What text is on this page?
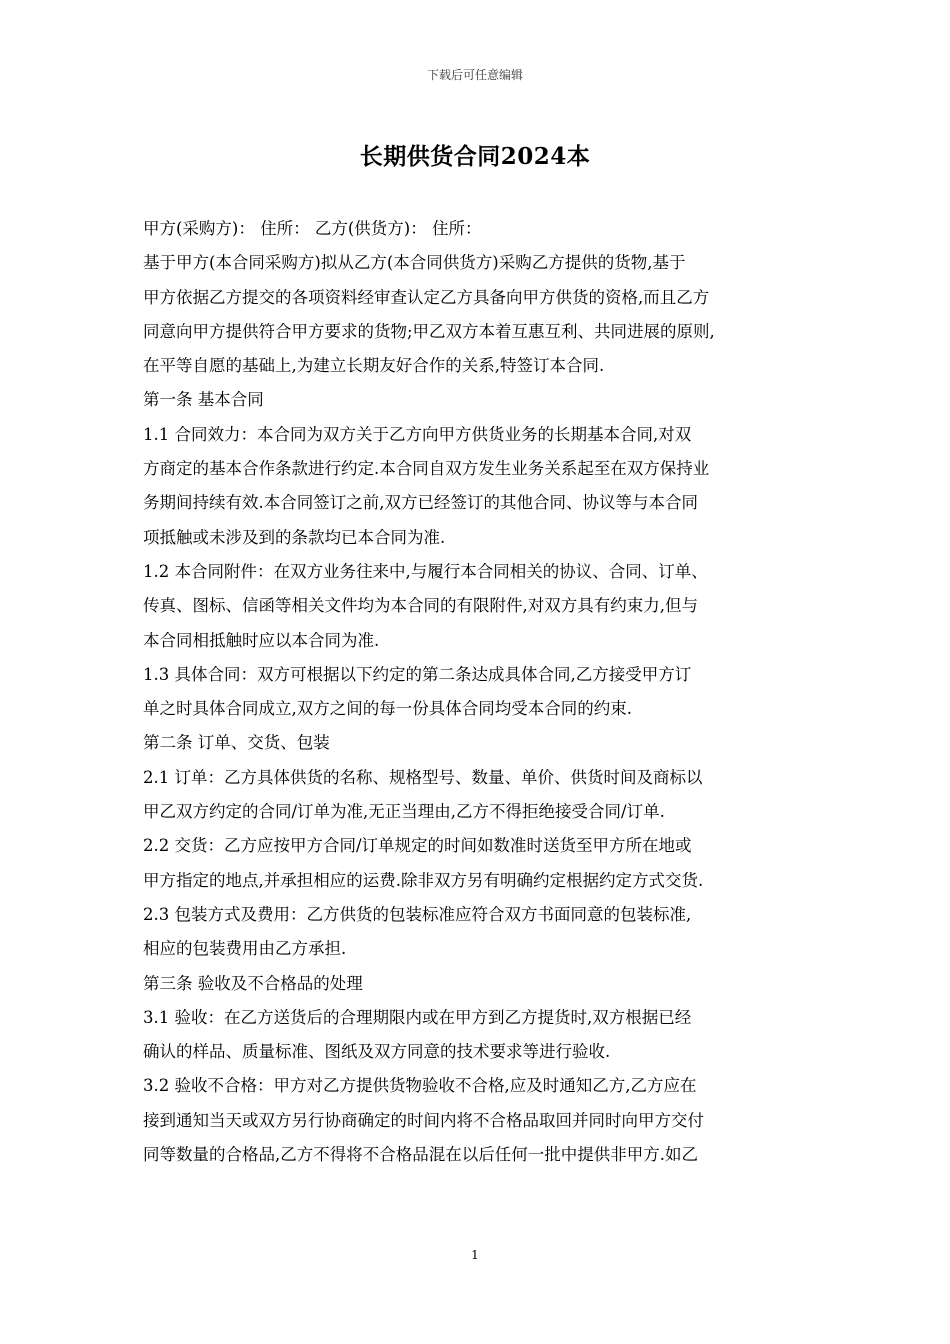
下载后可任意编辑
长期供货合同2024本
甲方(采购方)： 住所： 乙方(供货方)： 住所：
基于甲方(本合同采购方)拟从乙方(本合同供货方)采购乙方提供的货物,基于
甲方依据乙方提交的各项资料经审查认定乙方具备向甲方供货的资格,而且乙方
同意向甲方提供符合甲方要求的货物;甲乙双方本着互惠互利、共同进展的原则,
在平等自愿的基础上,为建立长期友好合作的关系,特签订本合同.
第一条 基本合同
1.1 合同效力：本合同为双方关于乙方向甲方供货业务的长期基本合同,对双
方商定的基本合作条款进行约定.本合同自双方发生业务关系起至在双方保持业
务期间持续有效.本合同签订之前,双方已经签订的其他合同、协议等与本合同
项抵触或未涉及到的条款均已本合同为准.
1.2 本合同附件：在双方业务往来中,与履行本合同相关的协议、合同、订单、
传真、图标、信函等相关文件均为本合同的有限附件,对双方具有约束力,但与
本合同相抵触时应以本合同为准.
1.3 具体合同：双方可根据以下约定的第二条达成具体合同,乙方接受甲方订
单之时具体合同成立,双方之间的每一份具体合同均受本合同的约束.
第二条 订单、交货、包装
2.1 订单：乙方具体供货的名称、规格型号、数量、单价、供货时间及商标以
甲乙双方约定的合同/订单为准,无正当理由,乙方不得拒绝接受合同/订单.
2.2 交货：乙方应按甲方合同/订单规定的时间如数准时送货至甲方所在地或
甲方指定的地点,并承担相应的运费.除非双方另有明确约定根据约定方式交货.
2.3 包装方式及费用：乙方供货的包装标准应符合双方书面同意的包装标准,
相应的包装费用由乙方承担.
第三条 验收及不合格品的处理
3.1 验收：在乙方送货后的合理期限内或在甲方到乙方提货时,双方根据已经
确认的样品、质量标准、图纸及双方同意的技术要求等进行验收.
3.2 验收不合格：甲方对乙方提供货物验收不合格,应及时通知乙方,乙方应在
接到通知当天或双方另行协商确定的时间内将不合格品取回并同时向甲方交付
同等数量的合格品,乙方不得将不合格品混在以后任何一批中提供非甲方.如乙
1
